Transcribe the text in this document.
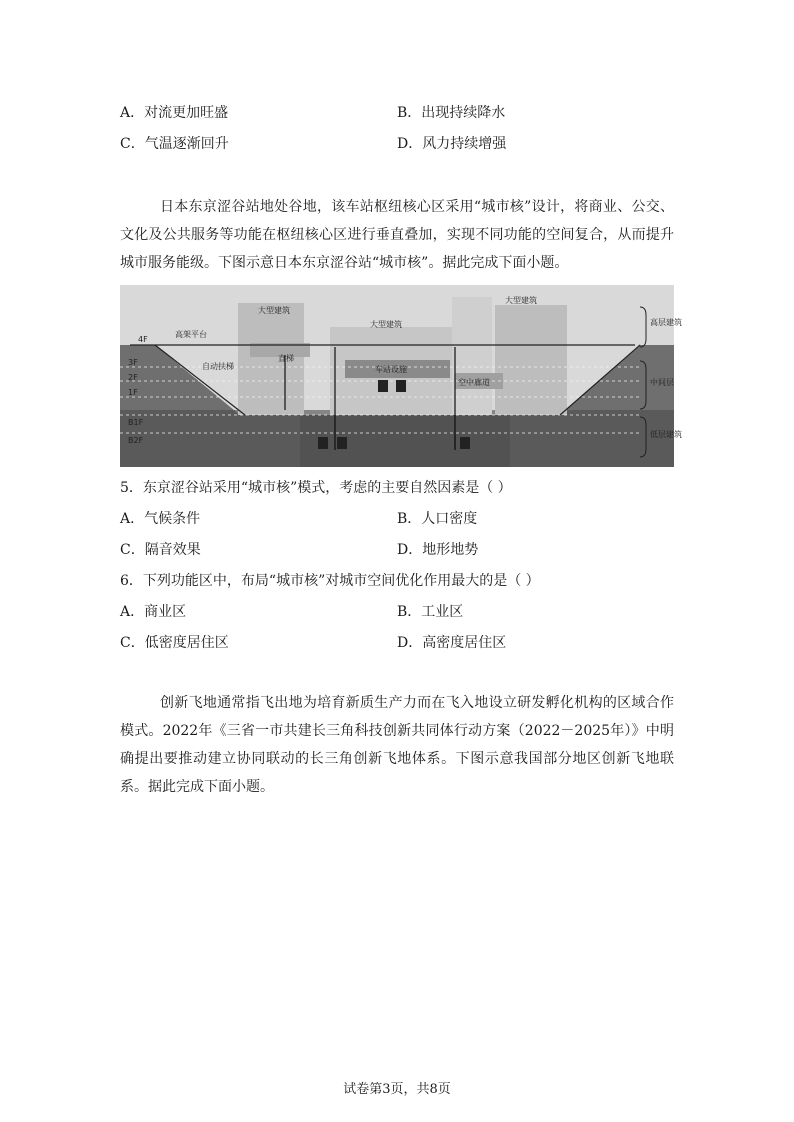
A．对流更加旺盛	B．出现持续降水
C．气温逐渐回升	D．风力持续增强
日本东京涩谷站地处谷地，该车站枢纽核心区采用“城市核”设计，将商业、公交、文化及公共服务等功能在枢纽核心区进行垂直叠加，实现不同功能的空间复合，从而提升城市服务能级。下图示意日本东京涩谷站“城市核”。据此完成下面小题。
大型建筑
大型建筑
大型建筑
高架平台
自动扶梯
直梯
车站设施
空中廊道
高层建筑
中间层
低层建筑
4F
3F
2F
1F
B1F
B2F
5．东京涩谷站采用“城市核”模式，考虑的主要自然因素是（ ）
A．气候条件	B．人口密度
C．隔音效果	D．地形地势
6．下列功能区中，布局“城市核”对城市空间优化作用最大的是（ ）
A．商业区	B．工业区
C．低密度居住区	D．高密度居住区
创新飞地通常指飞出地为培育新质生产力而在飞入地设立研发孵化机构的区域合作模式。2022年《三省一市共建长三角科技创新共同体行动方案（2022－2025年）》中明确提出要推动建立协同联动的长三角创新飞地体系。下图示意我国部分地区创新飞地联系。据此完成下面小题。
试卷第3页，共8页
